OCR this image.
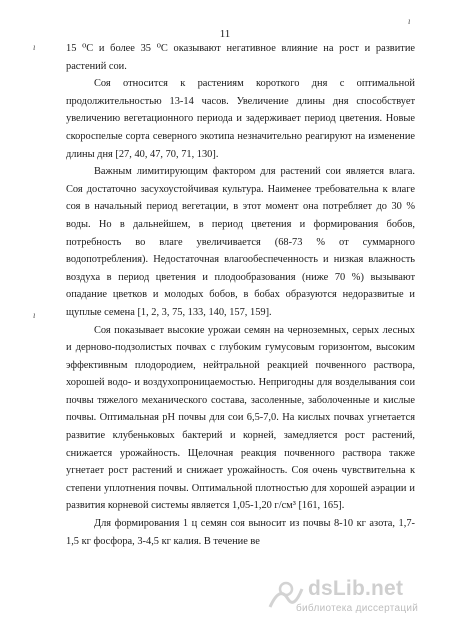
11

15 ⁰С и более 35 ⁰С оказывают негативное влияние на рост и развитие растений сои.

Соя относится к растениям короткого дня с оптимальной продолжительностью 13-14 часов. Увеличение длины дня способствует увеличению вегетационного периода и задерживает период цветения. Новые скороспелые сорта северного экотипа незначительно реагируют на изменение длины дня [27, 40, 47, 70, 71, 130].

Важным лимитирующим фактором для растений сои является влага. Соя достаточно засухоустойчивая культура. Наименее требовательна к влаге соя в начальный период вегетации, в этот момент она потребляет до 30 % воды. Но в дальнейшем, в период цветения и формирования бобов, потребность во влаге увеличивается (68-73 % от суммарного водопотребления). Недостаточная влагообеспеченность и низкая влажность воздуха в период цветения и плодообразования (ниже 70 %) вызывают опадание цветков и молодых бобов, в бобах образуются недоразвитые и щуплые семена [1, 2, 3, 75, 133, 140, 157, 159].

Соя показывает высокие урожаи семян на черноземных, серых лесных и дерново-подзолистых почвах с глубоким гумусовым горизонтом, высоким эффективным плодородием, нейтральной реакцией почвенного раствора, хорошей водо- и воздухопроницаемостью. Непригодны для возделывания сои почвы тяжелого механического состава, засоленные, заболоченные и кислые почвы. Оптимальная pH почвы для сои 6,5-7,0. На кислых почвах угнетается развитие клубеньковых бактерий и корней, замедляется рост растений, снижается урожайность. Щелочная реакция почвенного раствора также угнетает рост растений и снижает урожайность. Соя очень чувствительна к степени уплотнения почвы. Оптимальной плотностью для хорошей аэрации и развития корневой системы является 1,05-1,20 г/см³ [161, 165].

Для формирования 1 ц семян соя выносит из почвы 8-10 кг азота, 1,7-1,5 кг фосфора, 3-4,5 кг калия. В течение ве

ı
ı
ı
dsLib.net
библиотека диссертаций
